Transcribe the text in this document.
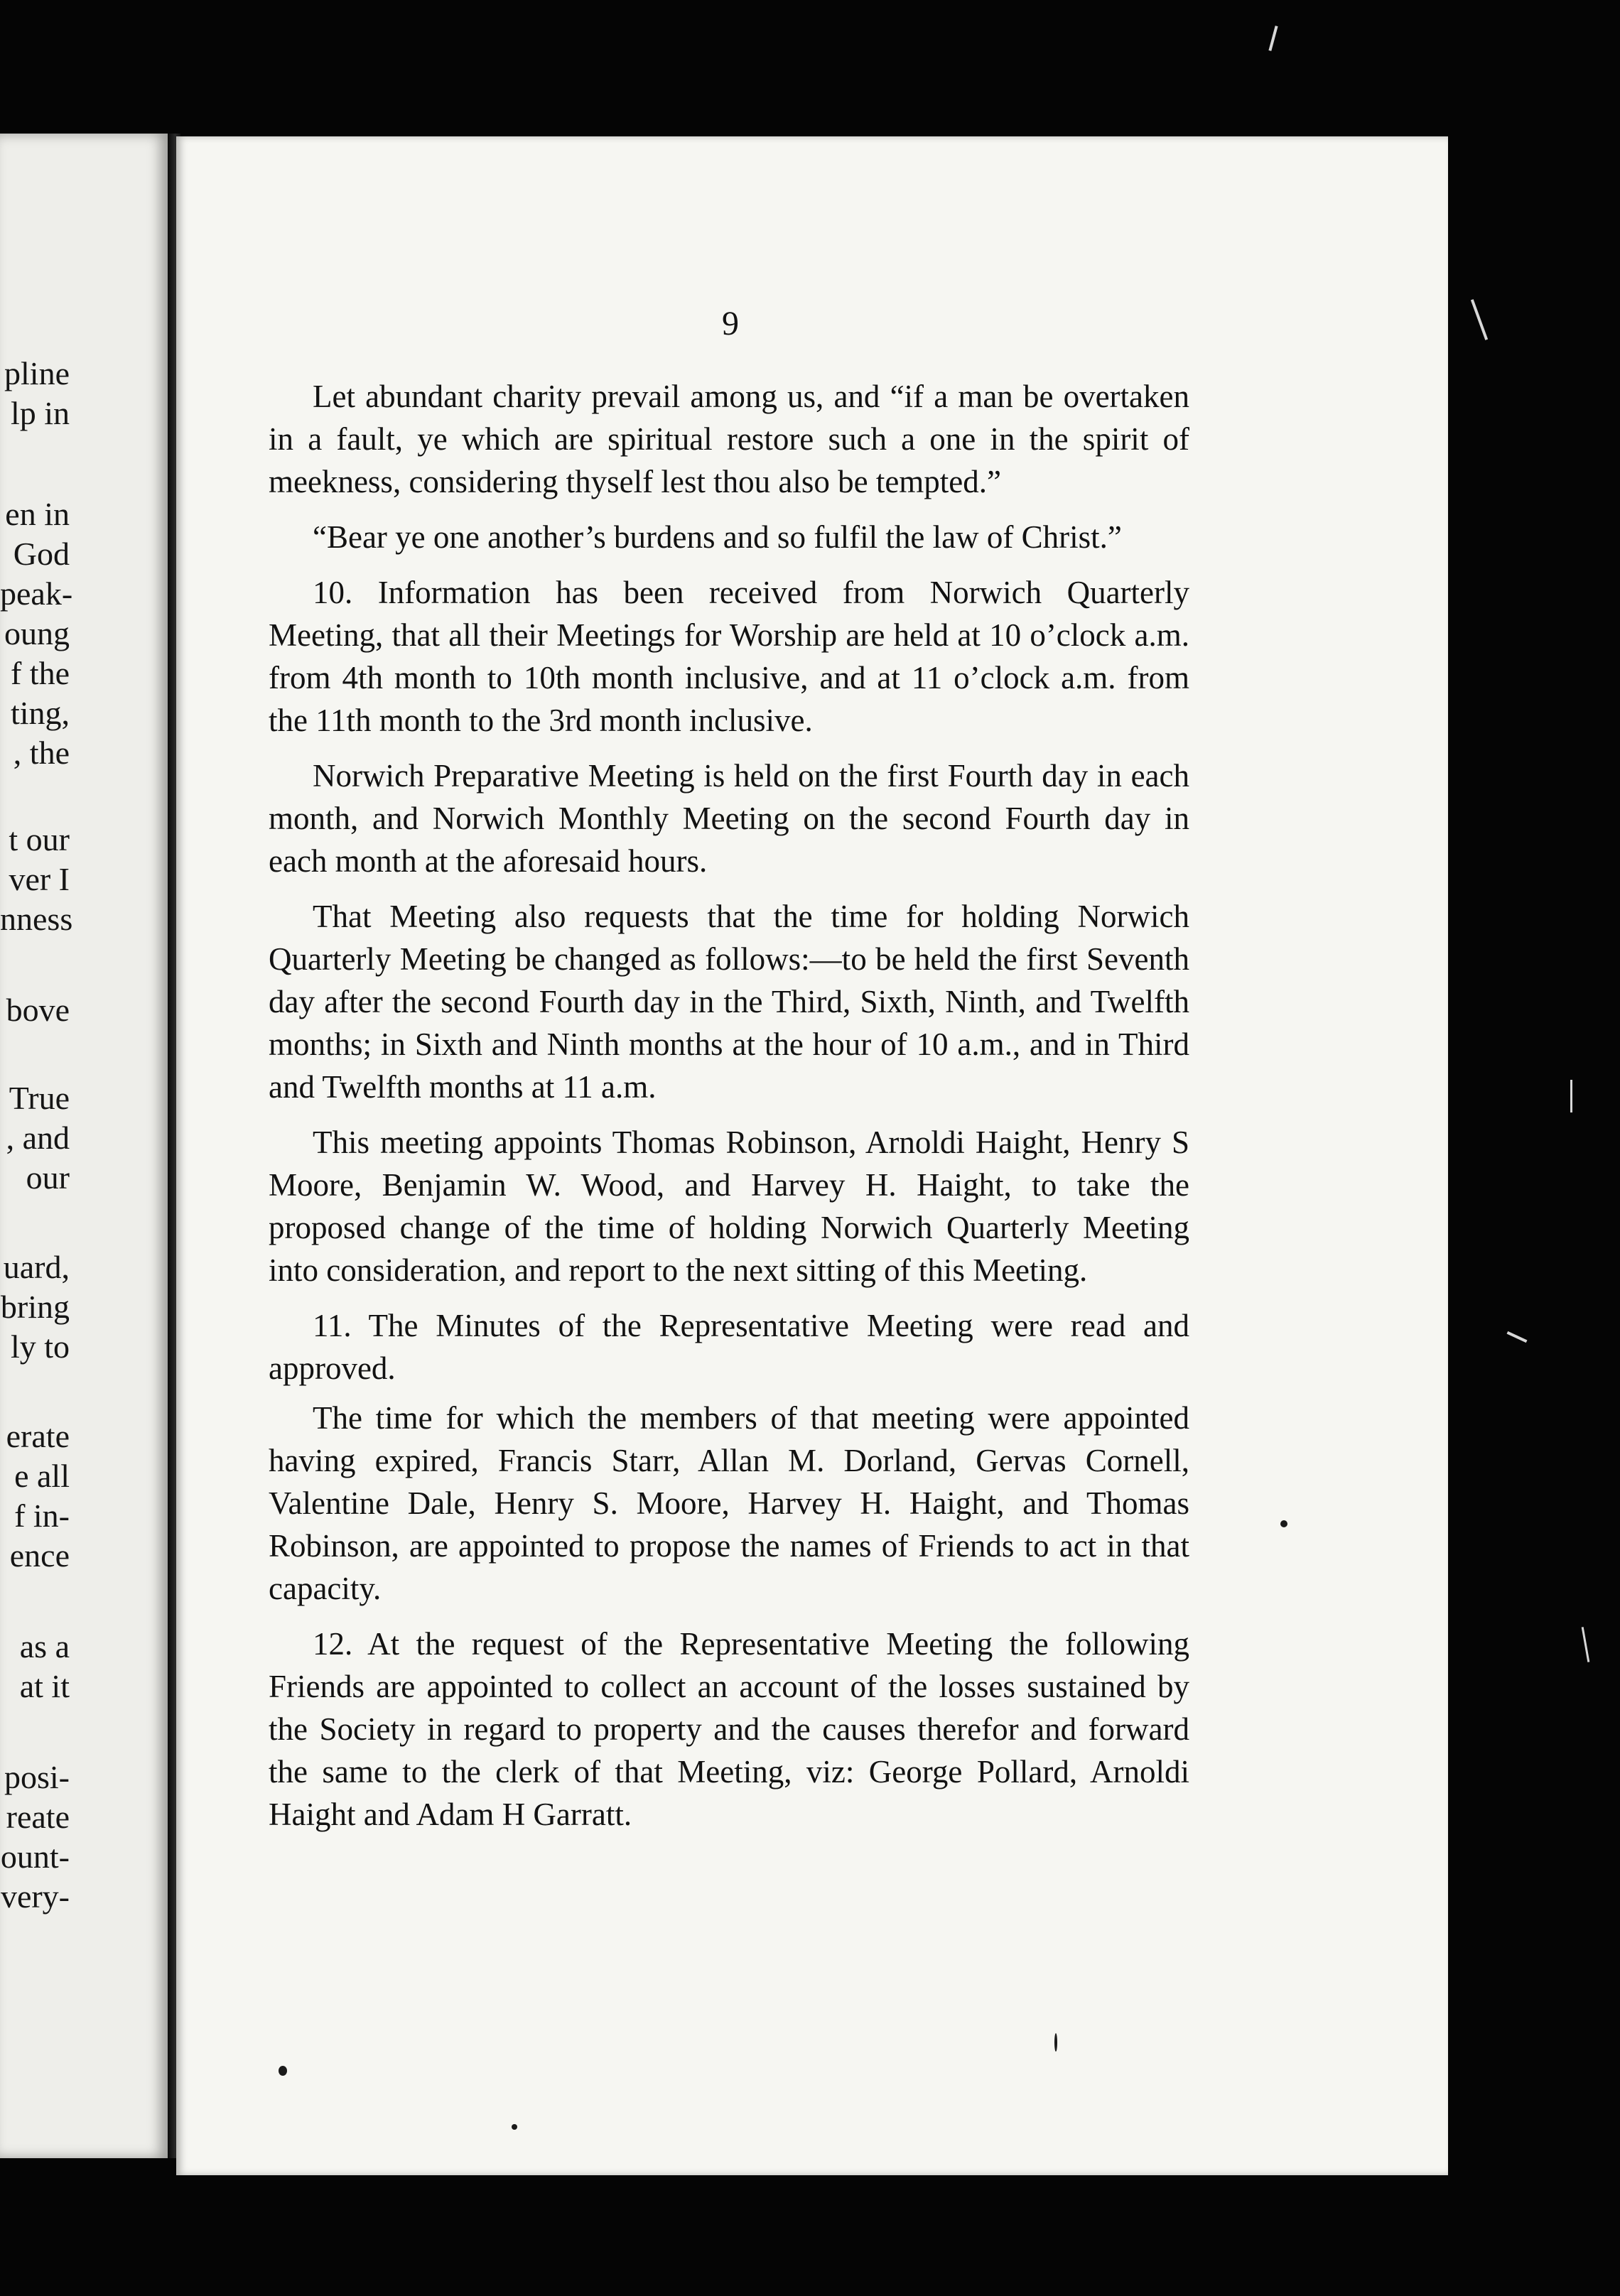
pline
lp in
en in
God
peak-
oung
f the
ting,
, the
t our
ver I
nness
bove
True
, and
our
uard,
bring
ly to
erate
e all
f in-
ence
as a
at it
posi-
reate
ount-
very-
9

Let abundant charity prevail among us, and “if a man be overtaken in a fault, ye which are spiritual restore such a one in the spirit of meekness, considering thyself lest thou also be tempted.”

“Bear ye one another’s burdens and so fulfil the law of Christ.”

10. Information has been received from Norwich Quarterly Meeting, that all their Meetings for Worship are held at 10 o’clock a.m. from 4th month to 10th month inclusive, and at 11 o’clock a.m. from the 11th month to the 3rd month inclusive.

Norwich Preparative Meeting is held on the first Fourth day in each month, and Norwich Monthly Meeting on the second Fourth day in each month at the aforesaid hours.

That Meeting also requests that the time for holding Norwich Quarterly Meeting be changed as follows:—to be held the first Seventh day after the second Fourth day in the Third, Sixth, Ninth, and Twelfth months; in Sixth and Ninth months at the hour of 10 a.m., and in Third and Twelfth months at 11 a.m.

This meeting appoints Thomas Robinson, Arnoldi Haight, Henry S Moore, Benjamin W. Wood, and Harvey H. Haight, to take the proposed change of the time of holding Norwich Quarterly Meeting into consideration, and report to the next sitting of this Meeting.

11. The Minutes of the Representative Meeting were read and approved.

The time for which the members of that meeting were appointed having expired, Francis Starr, Allan M. Dorland, Gervas Cornell, Valentine Dale, Henry S. Moore, Harvey H. Haight, and Thomas Robinson, are appointed to propose the names of Friends to act in that capacity.

12. At the request of the Representative Meeting the following Friends are appointed to collect an account of the losses sustained by the Society in regard to property and the causes therefor and forward the same to the clerk of that Meeting, viz: George Pollard, Arnoldi Haight and Adam H Garratt.
